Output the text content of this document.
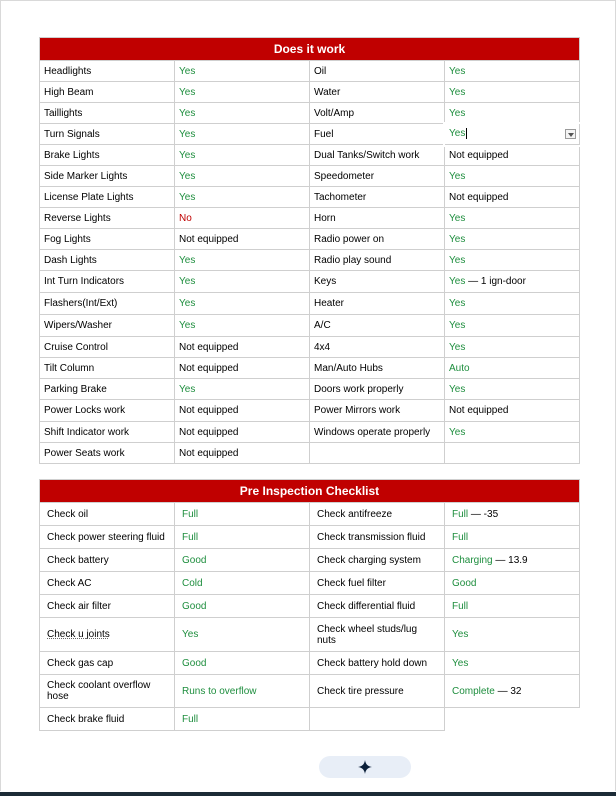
Does it work			
Headlights	Yes	Oil	Yes
High Beam	Yes	Water	Yes
Taillights	Yes	Volt/Amp	Yes
Turn Signals	Yes	Fuel	Yes

Brake Lights	Yes	Dual Tanks/Switch work	Not equipped
Side Marker Lights	Yes	Speedometer	Yes
License Plate Lights	Yes	Tachometer	Not equipped
Reverse Lights	No	Horn	Yes
Fog Lights	Not equipped	Radio power on	Yes
Dash Lights	Yes	Radio play sound	Yes
Int Turn Indicators	Yes	Keys	Yes — 1 ign-door
Flashers(Int/Ext)	Yes	Heater	Yes
Wipers/Washer	Yes	A/C	Yes
Cruise Control	Not equipped	4x4	Yes
Tilt Column	Not equipped	Man/Auto Hubs	Auto
Parking Brake	Yes	Doors work properly	Yes
Power Locks work	Not equipped	Power Mirrors work	Not equipped
Shift Indicator work	Not equipped	Windows operate properly	Yes
Power Seats work	Not equipped		
Pre Inspection Checklist			
Check oil	Full	Check antifreeze	Full — -35
Check power steering fluid	Full	Check transmission fluid	Full
Check battery	Good	Check charging system	Charging — 13.9
Check AC	Cold	Check fuel filter	Good
Check air filter	Good	Check differential fluid	Full
Check u joints	Yes	Check wheel studs/lug nuts	Yes
Check gas cap	Good	Check battery hold down	Yes
Check coolant overflow hose	Runs to overflow	Check tire pressure	Complete — 32
Check brake fluid	Full		
